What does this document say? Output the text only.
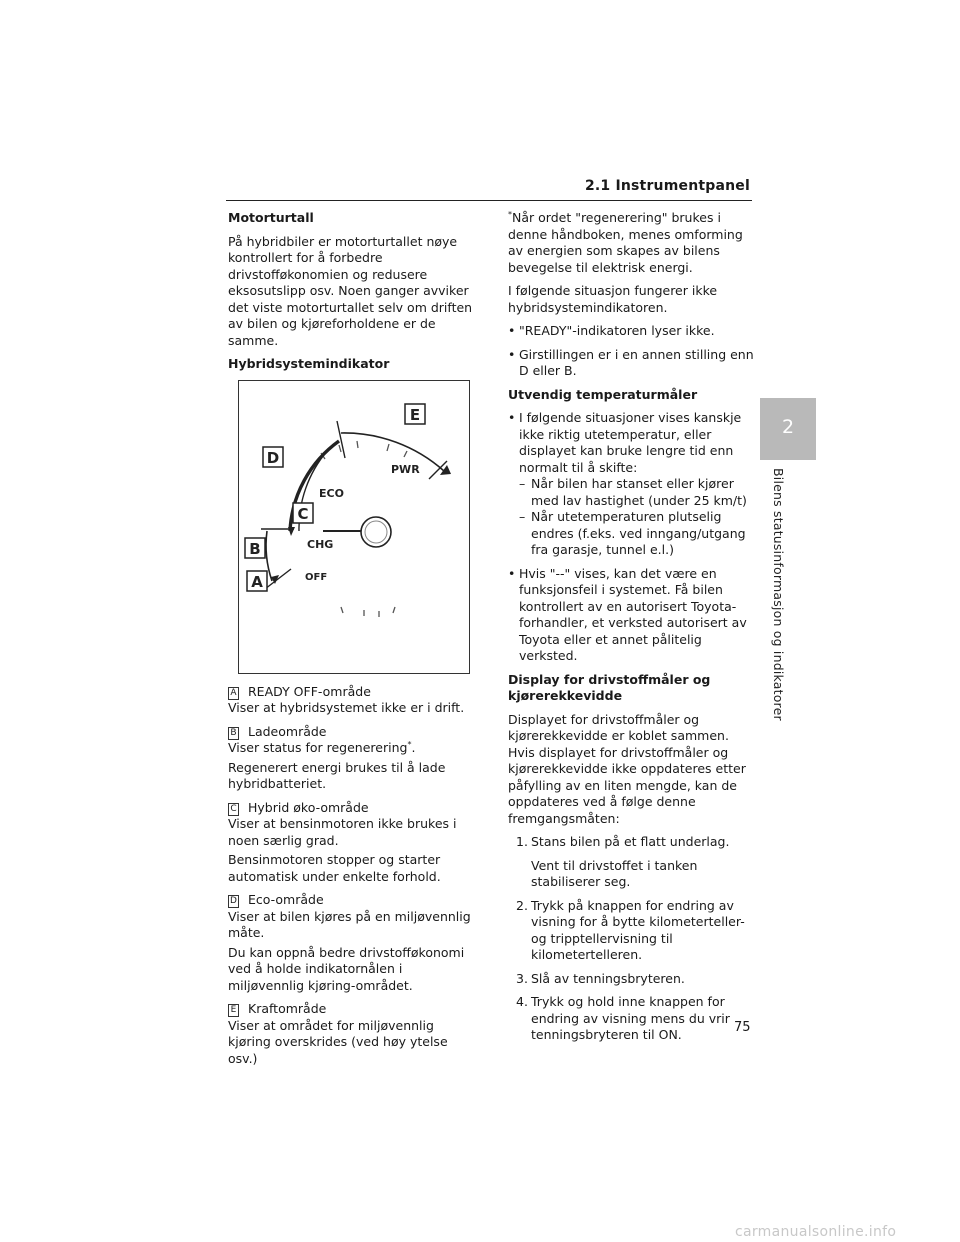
2.1 Instrumentpanel
2
Bilens statusinformasjon og indikatorer

Motorturtall

På hybridbiler er motorturtallet nøye kontrollert for å forbedre drivstofføkonomien og redusere eksosutslipp osv. Noen ganger avviker det viste motorturtallet selv om driften av bilen og kjøreforholdene er de samme.

Hybridsystemindikator

PWR
ECO
CHG
OFF
A
B
C
D
E
A READY OFF-område

Viser at hybridsystemet ikke er i drift.

B Ladeområde

Viser status for regenerering*.

Regenerert energi brukes til å lade hybridbatteriet.

C Hybrid øko-område

Viser at bensinmotoren ikke brukes i noen særlig grad.

Bensinmotoren stopper og starter automatisk under enkelte forhold.

D Eco-område

Viser at bilen kjøres på en miljøvennlig måte.

Du kan oppnå bedre drivstofføkonomi ved å holde indikatornålen i miljøvennlig kjøring-området.

E Kraftområde

Viser at området for miljøvennlig kjøring overskrides (ved høy ytelse osv.)

*Når ordet "regenerering" brukes i denne håndboken, menes omforming av energien som skapes av bilens bevegelse til elektrisk energi.

I følgende situasjon fungerer ikke hybridsystemindikatoren.

• "READY"-indikatoren lyser ikke.
• Girstillingen er i en annen stilling enn D eller B.

Utvendig temperaturmåler

• I følgende situasjoner vises kanskje ikke riktig utetemperatur, eller displayet kan bruke lengre tid enn normalt til å skifte:
– Når bilen har stanset eller kjører med lav hastighet (under 25 km/t)
– Når utetemperaturen plutselig endres (f.eks. ved inngang/utgang fra garasje, tunnel e.l.)
• Hvis "--" vises, kan det være en funksjonsfeil i systemet. Få bilen kontrollert av en autorisert Toyota-forhandler, et verksted autorisert av Toyota eller et annet pålitelig verksted.

Display for drivstoffmåler og kjørerekkevidde

Displayet for drivstoffmåler og kjørerekkevidde er koblet sammen. Hvis displayet for drivstoffmåler og kjørerekkevidde ikke oppdateres etter påfylling av en liten mengde, kan de oppdateres ved å følge denne fremgangsmåten:

1. Stans bilen på et flatt underlag.
Vent til drivstoffet i tanken stabiliserer seg.
2. Trykk på knappen for endring av visning for å bytte kilometerteller- og tripptellervisning til kilometertelleren.
3. Slå av tenningsbryteren.
4. Trykk og hold inne knappen for endring av visning mens du vrir tenningsbryteren til ON.	75
carmanualsonline.info
